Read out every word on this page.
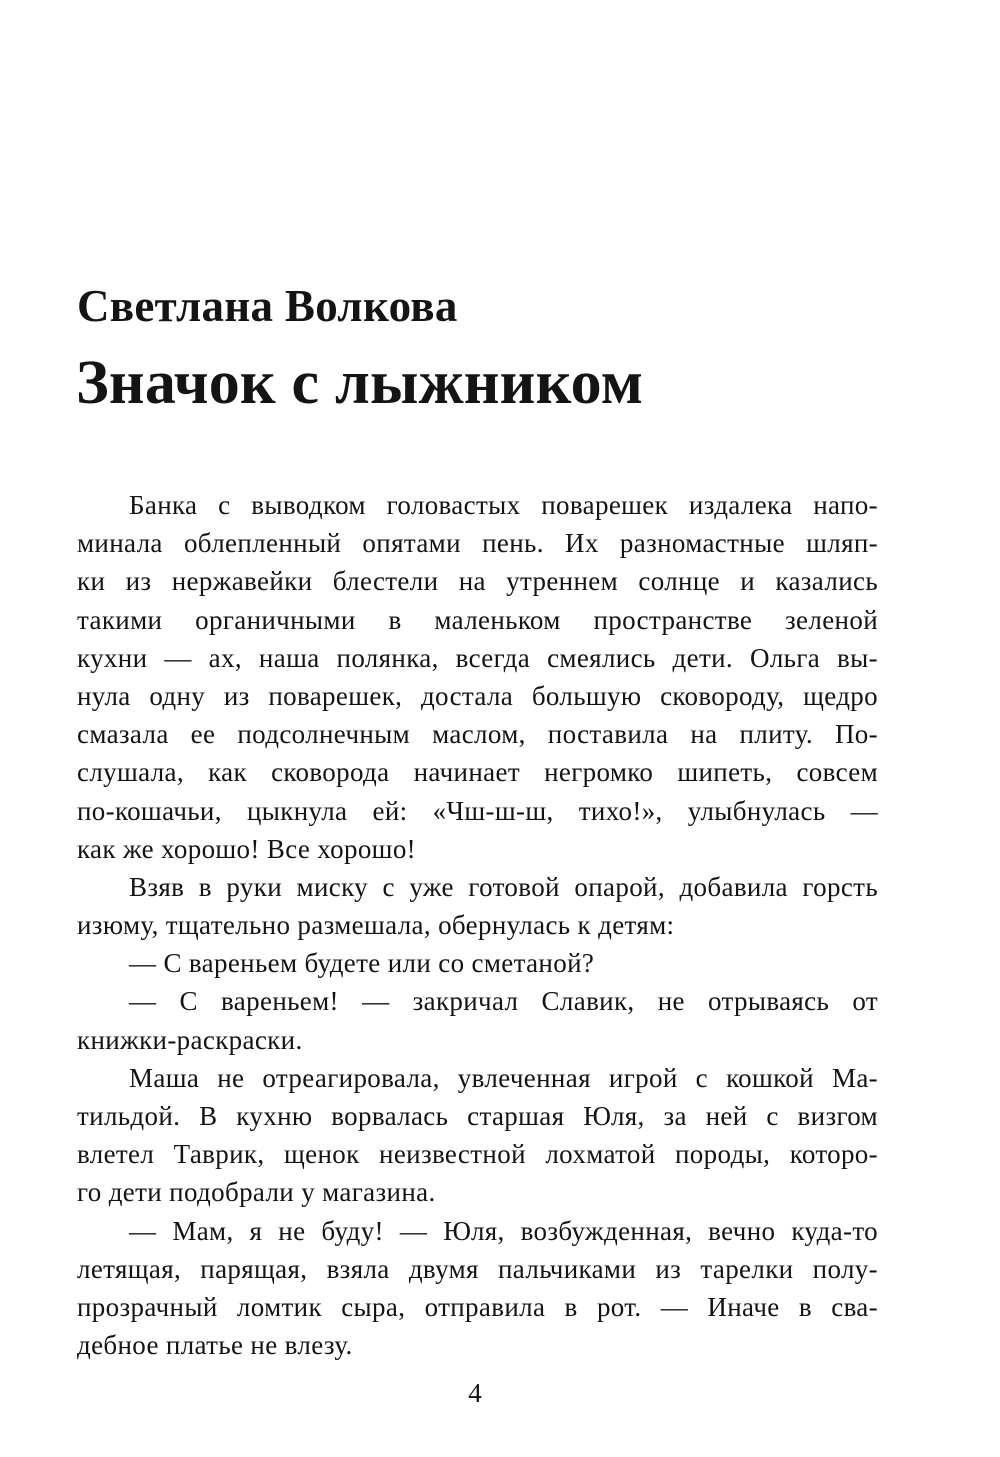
Светлана Волкова
Значок с лыжником
Банка с выводком головастых поварешек издалека напо-
минала облепленный опятами пень. Их разномастные шляп-
ки из нержавейки блестели на утреннем солнце и казались
такими органичными в маленьком пространстве зеленой
кухни — ах, наша полянка, всегда смеялись дети. Ольга вы-
нула одну из поварешек, достала большую сковороду, щедро
смазала ее подсолнечным маслом, поставила на плиту. По-
слушала, как сковорода начинает негромко шипеть, совсем
по-кошачьи, цыкнула ей: «Чш-ш-ш, тихо!», улыбнулась —
как же хорошо! Все хорошо!
Взяв в руки миску с уже готовой опарой, добавила горсть
изюму, тщательно размешала, обернулась к детям:
— С вареньем будете или со сметаной?
— С вареньем! — закричал Славик, не отрываясь от
книжки-раскраски.
Маша не отреагировала, увлеченная игрой с кошкой Ма-
тильдой. В кухню ворвалась старшая Юля, за ней с визгом
влетел Таврик, щенок неизвестной лохматой породы, которо-
го дети подобрали у магазина.
— Мам, я не буду! — Юля, возбужденная, вечно куда-то
летящая, парящая, взяла двумя пальчиками из тарелки полу-
прозрачный ломтик сыра, отправила в рот. — Иначе в сва-
дебное платье не влезу.
4
